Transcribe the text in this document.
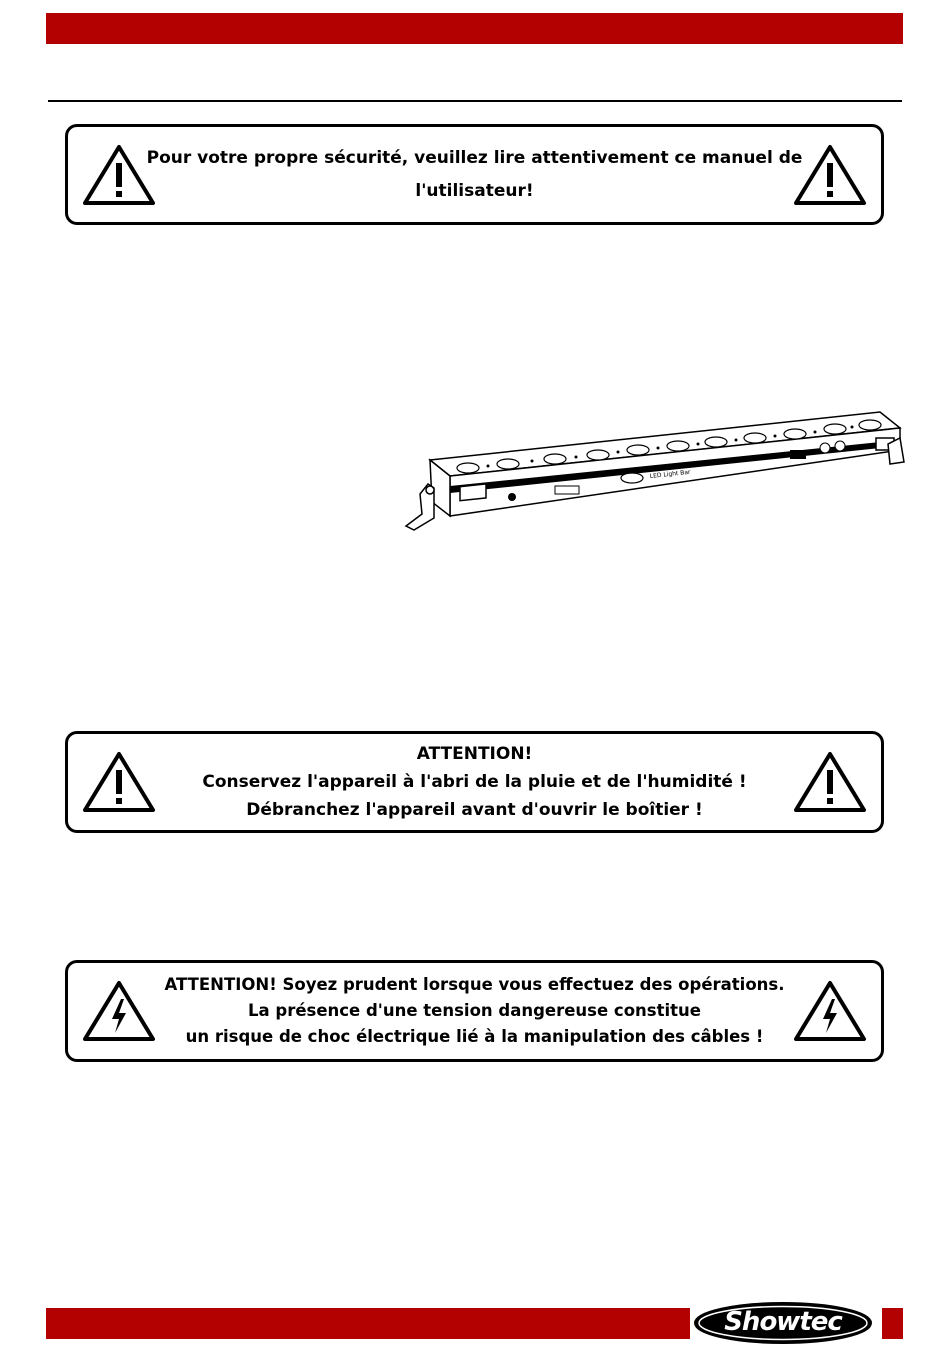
Pour votre propre sécurité, veuillez lire attentivement ce manuel de
l'utilisateur!
LED Light Bar
ATTENTION!
Conservez l'appareil à l'abri de la pluie et de l'humidité !
Débranchez l'appareil avant d'ouvrir le boîtier !
ATTENTION! Soyez prudent lorsque vous effectuez des opérations.
La présence d'une tension dangereuse constitue
un risque de choc électrique lié à la manipulation des câbles !
Showtec
